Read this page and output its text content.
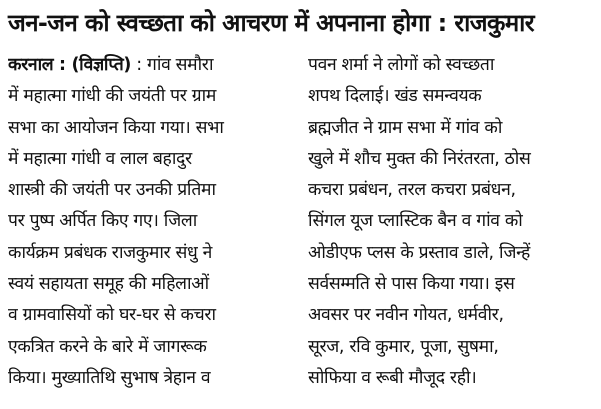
जन-जन को स्वच्छता को आचरण में अपनाना होगा : राजकुमार
करनाल : (विज्ञप्ति) : गांव समौरा
में महात्मा गांधी की जयंती पर ग्राम
सभा का आयोजन किया गया। सभा
में महात्मा गांधी व लाल बहादुर
शास्त्री की जयंती पर उनकी प्रतिमा
पर पुष्प अर्पित किए गए। जिला
कार्यक्रम प्रबंधक राजकुमार संधु ने
स्वयं सहायता समूह की महिलाओं
व ग्रामवासियों को घर-घर से कचरा
एकत्रित करने के बारे में जागरूक
किया। मुख्यातिथि सुभाष त्रेहान व
पवन शर्मा ने लोगों को स्वच्छता
शपथ दिलाई। खंड समन्वयक
ब्रह्मजीत ने ग्राम सभा में गांव को
खुले में शौच मुक्त की निरंतरता, ठोस
कचरा प्रबंधन, तरल कचरा प्रबंधन,
सिंगल यूज प्लास्टिक बैन व गांव को
ओडीएफ प्लस के प्रस्ताव डाले, जिन्हें
सर्वसम्मति से पास किया गया। इस
अवसर पर नवीन गोयत, धर्मवीर,
सूरज, रवि कुमार, पूजा, सुषमा,
सोफिया व रूबी मौजूद रही।
